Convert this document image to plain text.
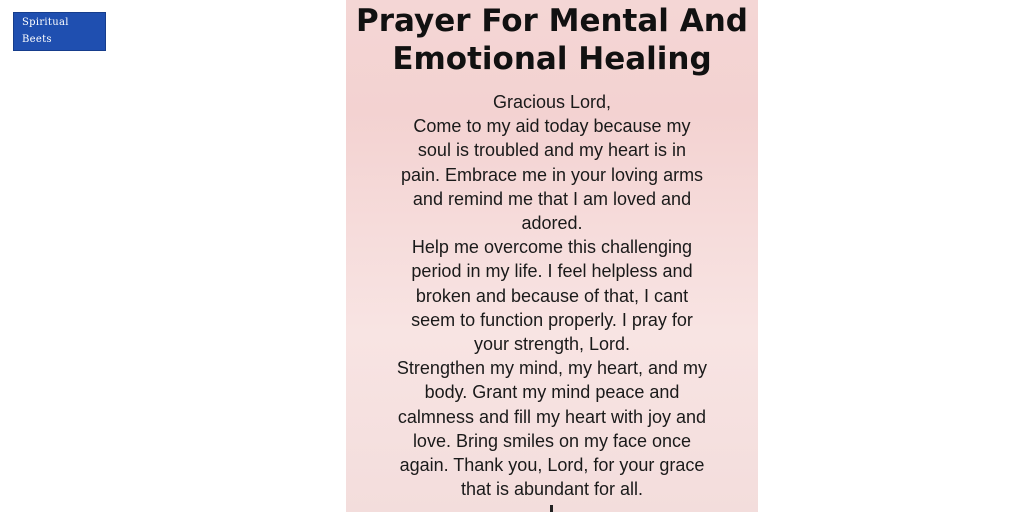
Spiritual
Beets
Prayer For Mental And
Emotional Healing
Gracious Lord,
Come to my aid today because my
soul is troubled and my heart is in
pain. Embrace me in your loving arms
and remind me that I am loved and
adored.
Help me overcome this challenging
period in my life. I feel helpless and
broken and because of that, I cant
seem to function properly. I pray for
your strength, Lord.
Strengthen my mind, my heart, and my
body. Grant my mind peace and
calmness and fill my heart with joy and
love. Bring smiles on my face once
again. Thank you, Lord, for your grace
that is abundant for all.
